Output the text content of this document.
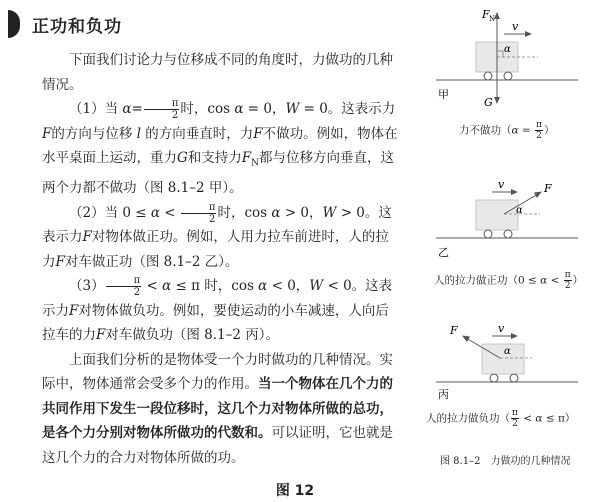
正功和负功

下面我们讨论力与位移成不同的角度时，力做功的几种情况。

（1）当 $\alpha= \frac{\pi}{2}$ 时，cos α = 0，W = 0。这表示力F的方向与位移 l 的方向垂直时，力F不做功。例如，物体在水平桌面上运动，重力G和支持力$F_N$都与位移方向垂直，这两个力都不做功（图 8.1–2 甲）。

（2）当 $0 \le \alpha < \frac{\pi}{2}$ 时，cos α > 0，W > 0。这表示力F对物体做正功。例如，人用力拉车前进时，人的拉力F对车做正功（图 8.1–2 乙）。

$(3) \frac{\pi}{2} < \alpha \le \pi$ 时，cos α < 0，W < 0。这表示力F对物体做负功。例如，要使运动的小车减速，人向后拉车的力F对车做负功（图 8.1–2 丙）。

上面我们分析的是物体受一个力时做功的几种情况。实际中，物体通常会受多个力的作用。当一个物体在几个力的共同作用下发生一段位移时，这几个力对物体所做的总功，是各个力分别对物体所做功的代数和。可以证明，它也就是这几个力的合力对物体所做的功。

F N
v
α
G
甲
力不做功（$\alpha = \frac{\pi}{2}$ ）
v	F
α
乙
人的拉力做正功（$0 \le \alpha < \frac{\pi}{2}$ ）
v
F
α
丙
人的拉力做负功（ $\frac{\pi}{2} < \alpha \le \pi$）
图 8.1–2　力做功的几种情况
图 12
